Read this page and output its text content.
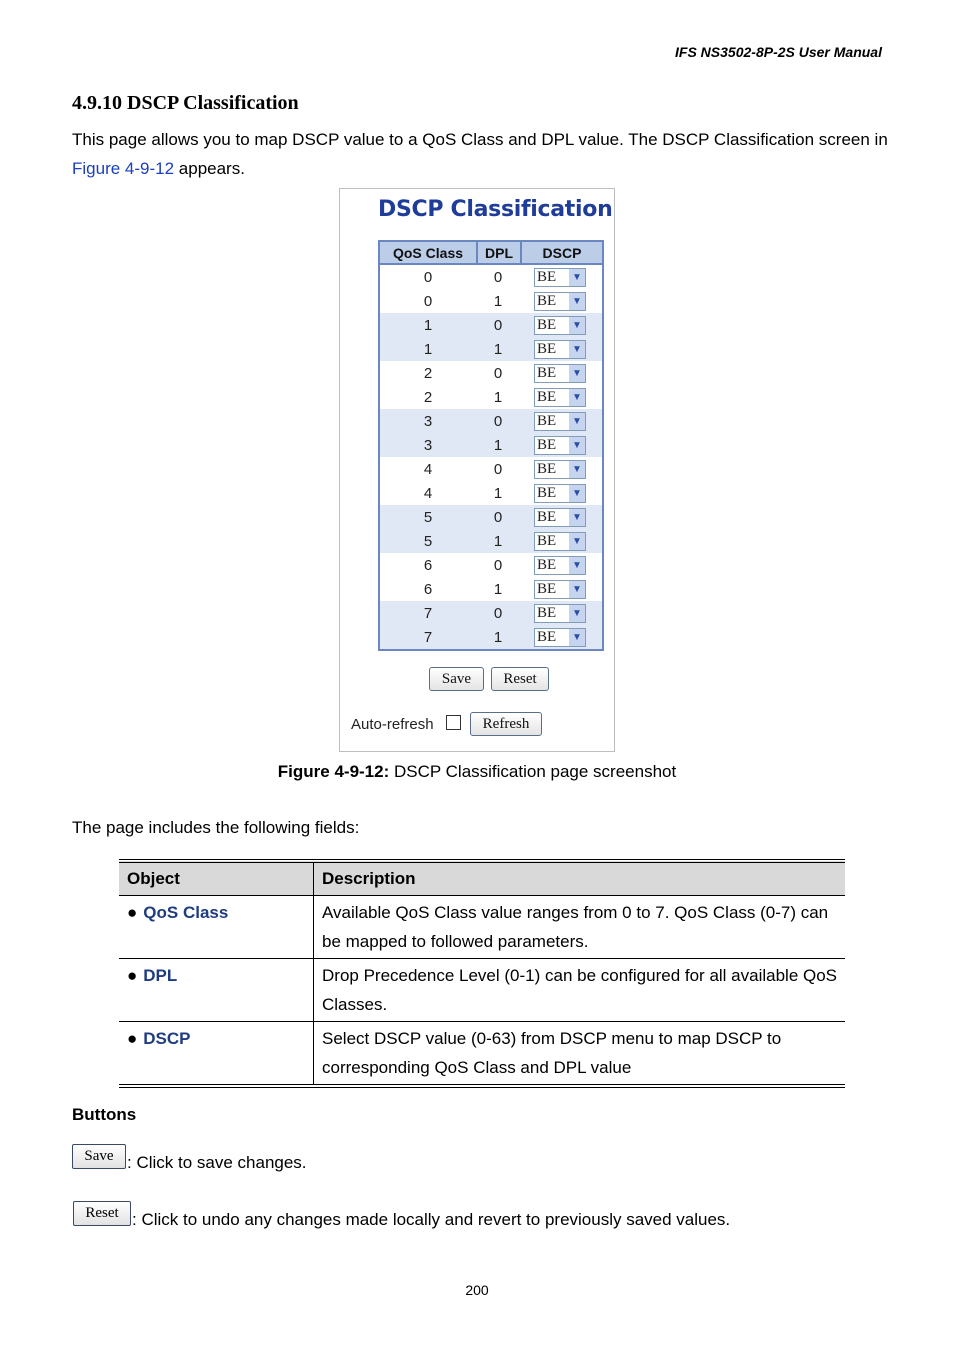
IFS NS3502-8P-2S User Manual
4.9.10 DSCP Classification
This page allows you to map DSCP value to a QoS Class and DPL value. The DSCP Classification screen in Figure 4-9-12 appears.
DSCP Classification
QoS Class	DPL	DSCP
0	0	BE	▼
0	1	BE	▼
1	0	BE	▼
1	1	BE	▼
2	0	BE	▼
2	1	BE	▼
3	0	BE	▼
3	1	BE	▼
4	0	BE	▼
4	1	BE	▼
5	0	BE	▼
5	1	BE	▼
6	0	BE	▼
6	1	BE	▼
7	0	BE	▼
7	1	BE	▼
Save	Reset
Auto-refresh	Refresh
Figure 4-9-12: DSCP Classification page screenshot
The page includes the following fields:
Object	Description
● QoS Class	Available QoS Class value ranges from 0 to 7. QoS Class (0-7) can be mapped to followed parameters.
● DPL	Drop Precedence Level (0-1) can be configured for all available QoS Classes.
● DSCP	Select DSCP value (0-63) from DSCP menu to map DSCP to corresponding QoS Class and DPL value
Buttons
Save : Click to save changes.
Reset : Click to undo any changes made locally and revert to previously saved values.
200
